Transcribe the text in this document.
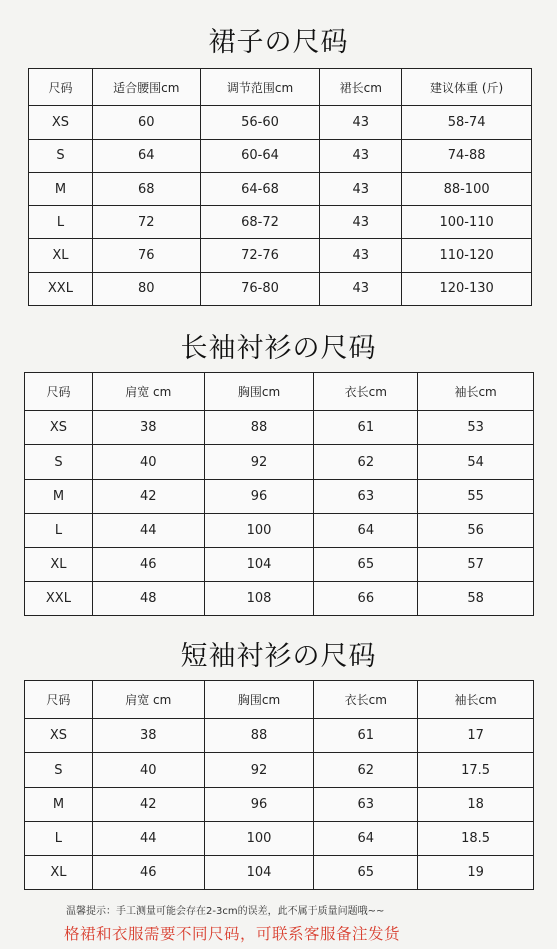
裙子の尺码
尺码	适合腰围cm	调节范围cm	裙长cm	建议体重 (斤)
XS	60	56-60	43	58-74
S	64	60-64	43	74-88
M	68	64-68	43	88-100
L	72	68-72	43	100-110
XL	76	72-76	43	110-120
XXL	80	76-80	43	120-130
长袖衬衫の尺码
尺码	肩宽 cm	胸围cm	衣长cm	袖长cm
XS	38	88	61	53
S	40	92	62	54
M	42	96	63	55
L	44	100	64	56
XL	46	104	65	57
XXL	48	108	66	58
短袖衬衫の尺码
尺码	肩宽 cm	胸围cm	衣长cm	袖长cm
XS	38	88	61	17
S	40	92	62	17.5
M	42	96	63	18
L	44	100	64	18.5
XL	46	104	65	19
温馨提示：手工测量可能会存在2-3cm的误差，此不属于质量问题哦~~
格裙和衣服需要不同尺码，可联系客服备注发货
